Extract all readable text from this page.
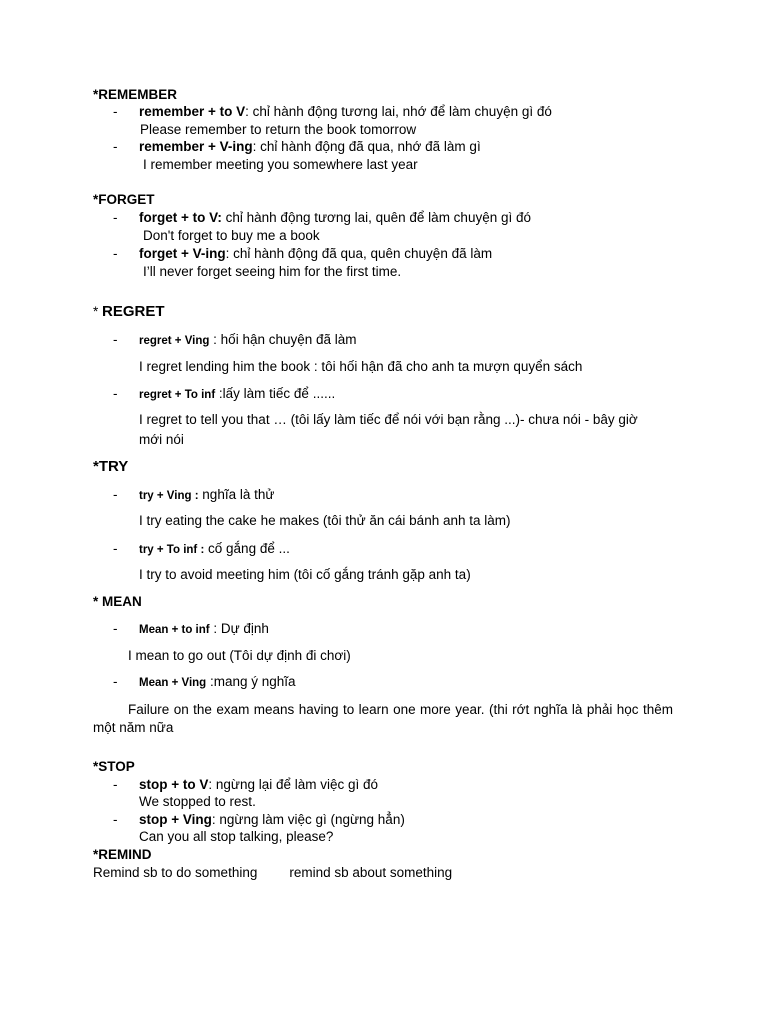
*REMEMBER
- remember + to V: chỉ hành động tương lai, nhớ để làm chuyện gì đó
Please remember to return the book tomorrow
- remember + V-ing: chỉ hành động đã qua, nhớ đã làm gì
I remember meeting you somewhere last year
*FORGET
- forget + to V: chỉ hành động tương lai, quên để làm chuyện gì đó
Don't forget to buy me a book
- forget + V-ing: chỉ hành động đã qua, quên chuyện đã làm
I’ll never forget seeing him for the first time.
* REGRET
- regret + Ving : hối hận chuyện đã làm
I regret lending him the book : tôi hối hận đã cho anh ta mượn quyển sách
- regret + To inf :lấy làm tiếc để ......
I regret to tell you that … (tôi lấy làm tiếc để nói với bạn rằng ...)- chưa nói - bây giờ
mới nói
*TRY
- try + Ving : nghĩa là thử
I try eating the cake he makes (tôi thử ăn cái bánh anh ta làm)
- try + To inf : cố gắng để ...
I try to avoid meeting him (tôi cố gắng tránh gặp anh ta)
* MEAN
- Mean + to inf : Dự định
I mean to go out (Tôi dự định đi chơi)
- Mean + Ving :mang ý nghĩa
Failure on the exam means having to learn one more year. (thi rớt nghĩa là phải học thêm một năm nữa
*STOP
- stop + to V: ngừng lại để làm việc gì đó
We stopped to rest.
- stop + Ving: ngừng làm việc gì (ngừng hẳn)
Can you all stop talking, please?
*REMIND
Remind sb to do something remind sb about something
